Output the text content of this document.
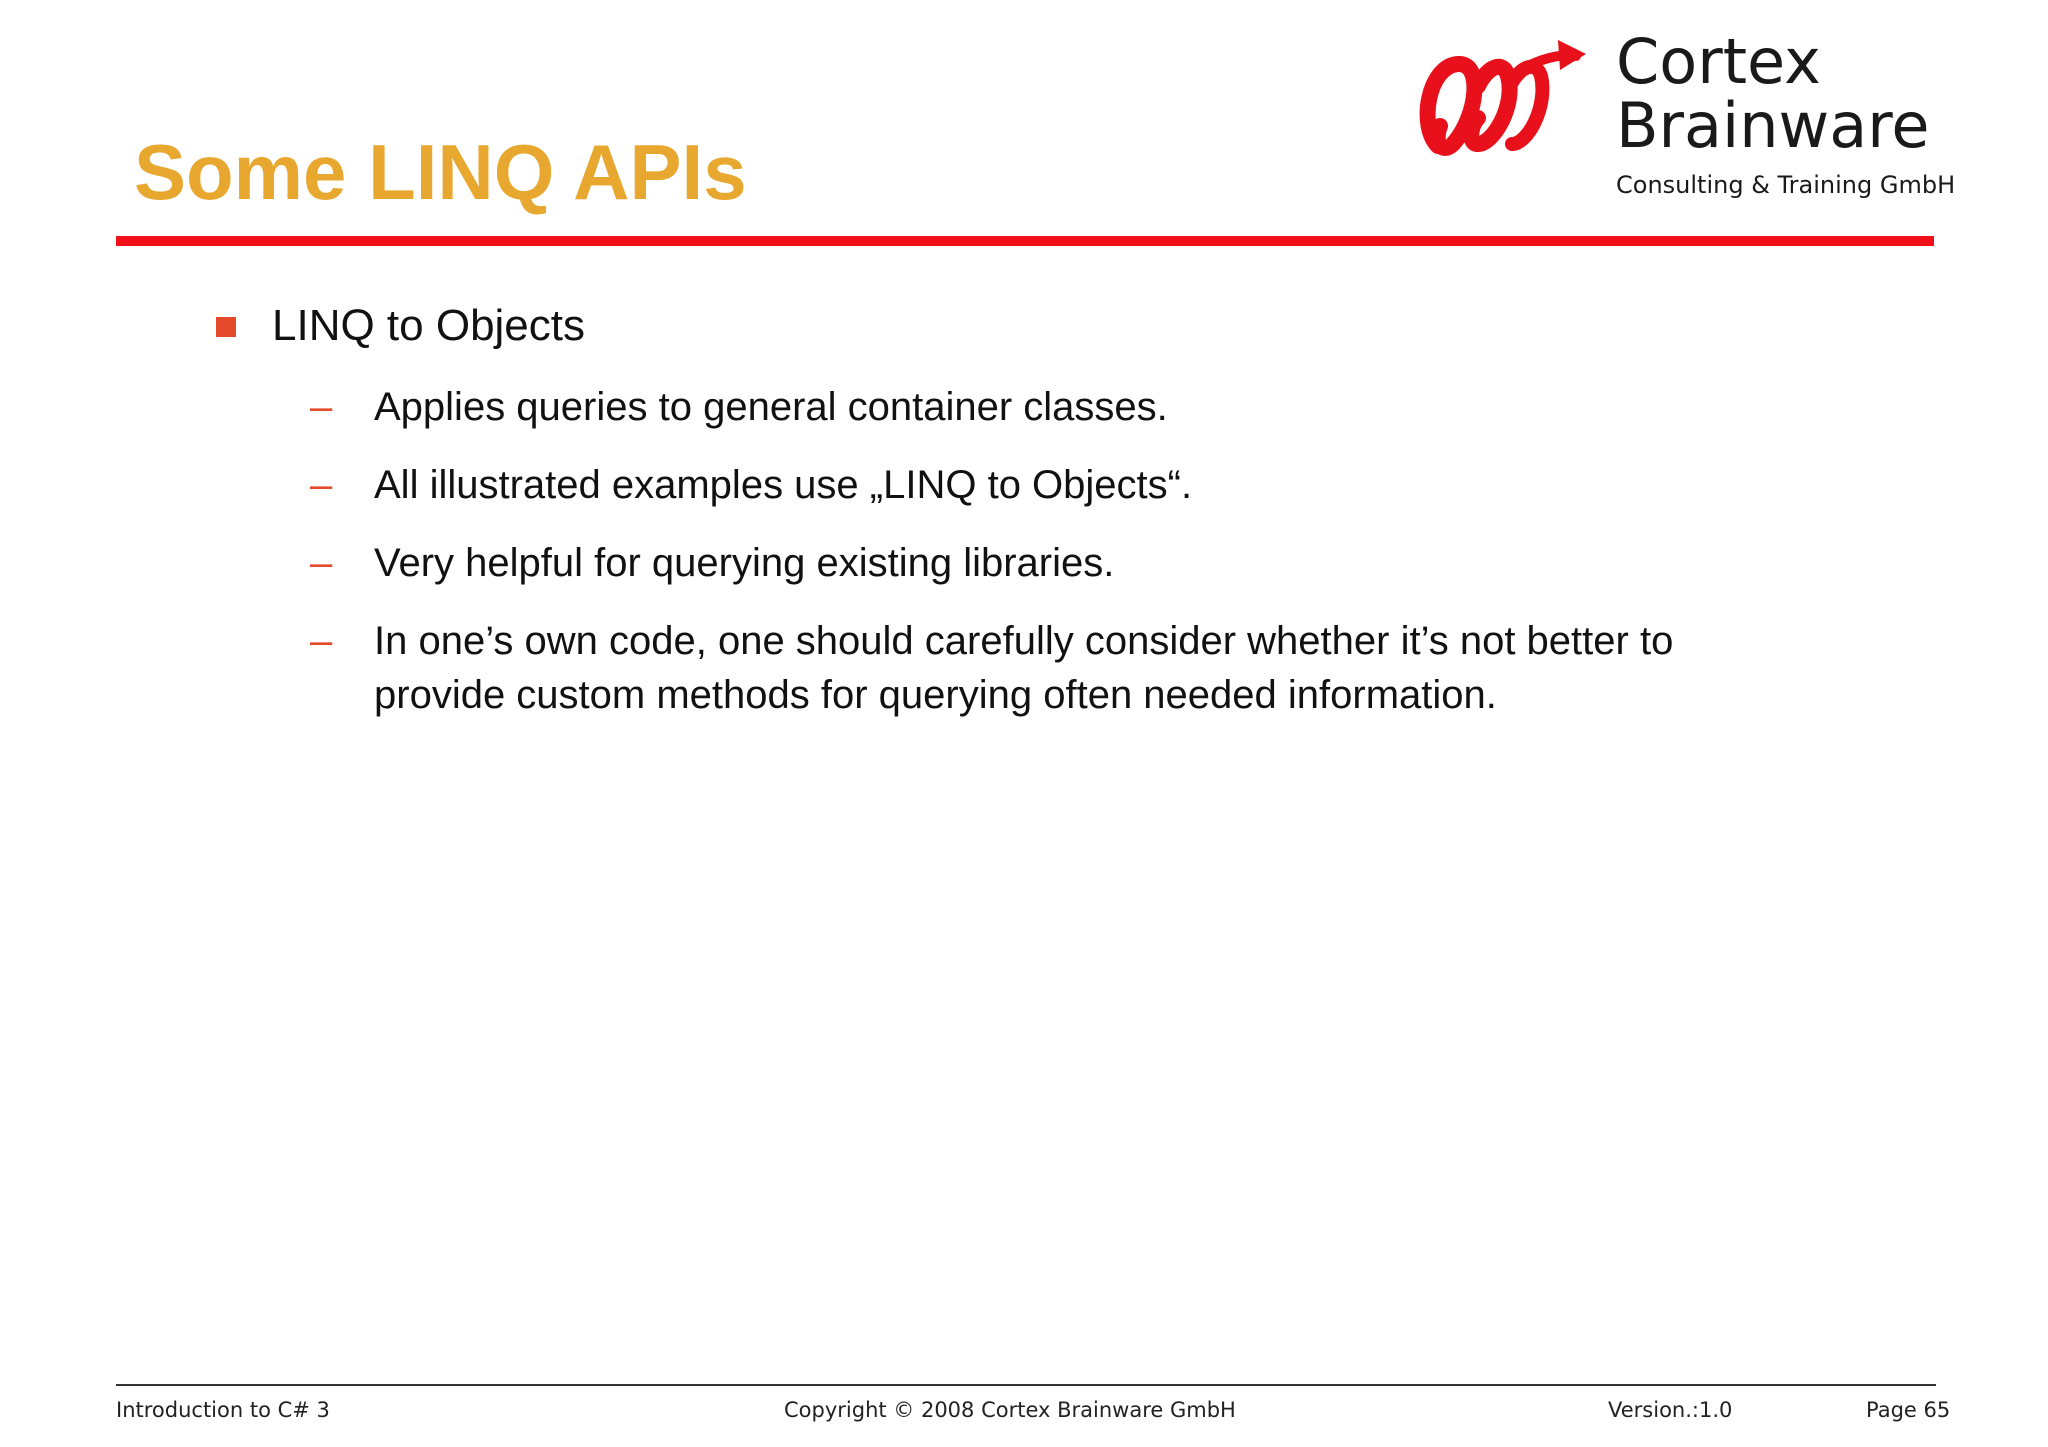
Some LINQ APIs
Cortex
Brainware
Consulting & Training GmbH
LINQ to Objects
– Applies queries to general container classes.
– All illustrated examples use „LINQ to Objects“.
– Very helpful for querying existing libraries.
– In one’s own code, one should carefully consider whether it’s not better to provide custom methods for querying often needed information.
Introduction to C# 3	Copyright © 2008 Cortex Brainware GmbH	Version.:1.0	Page 65
